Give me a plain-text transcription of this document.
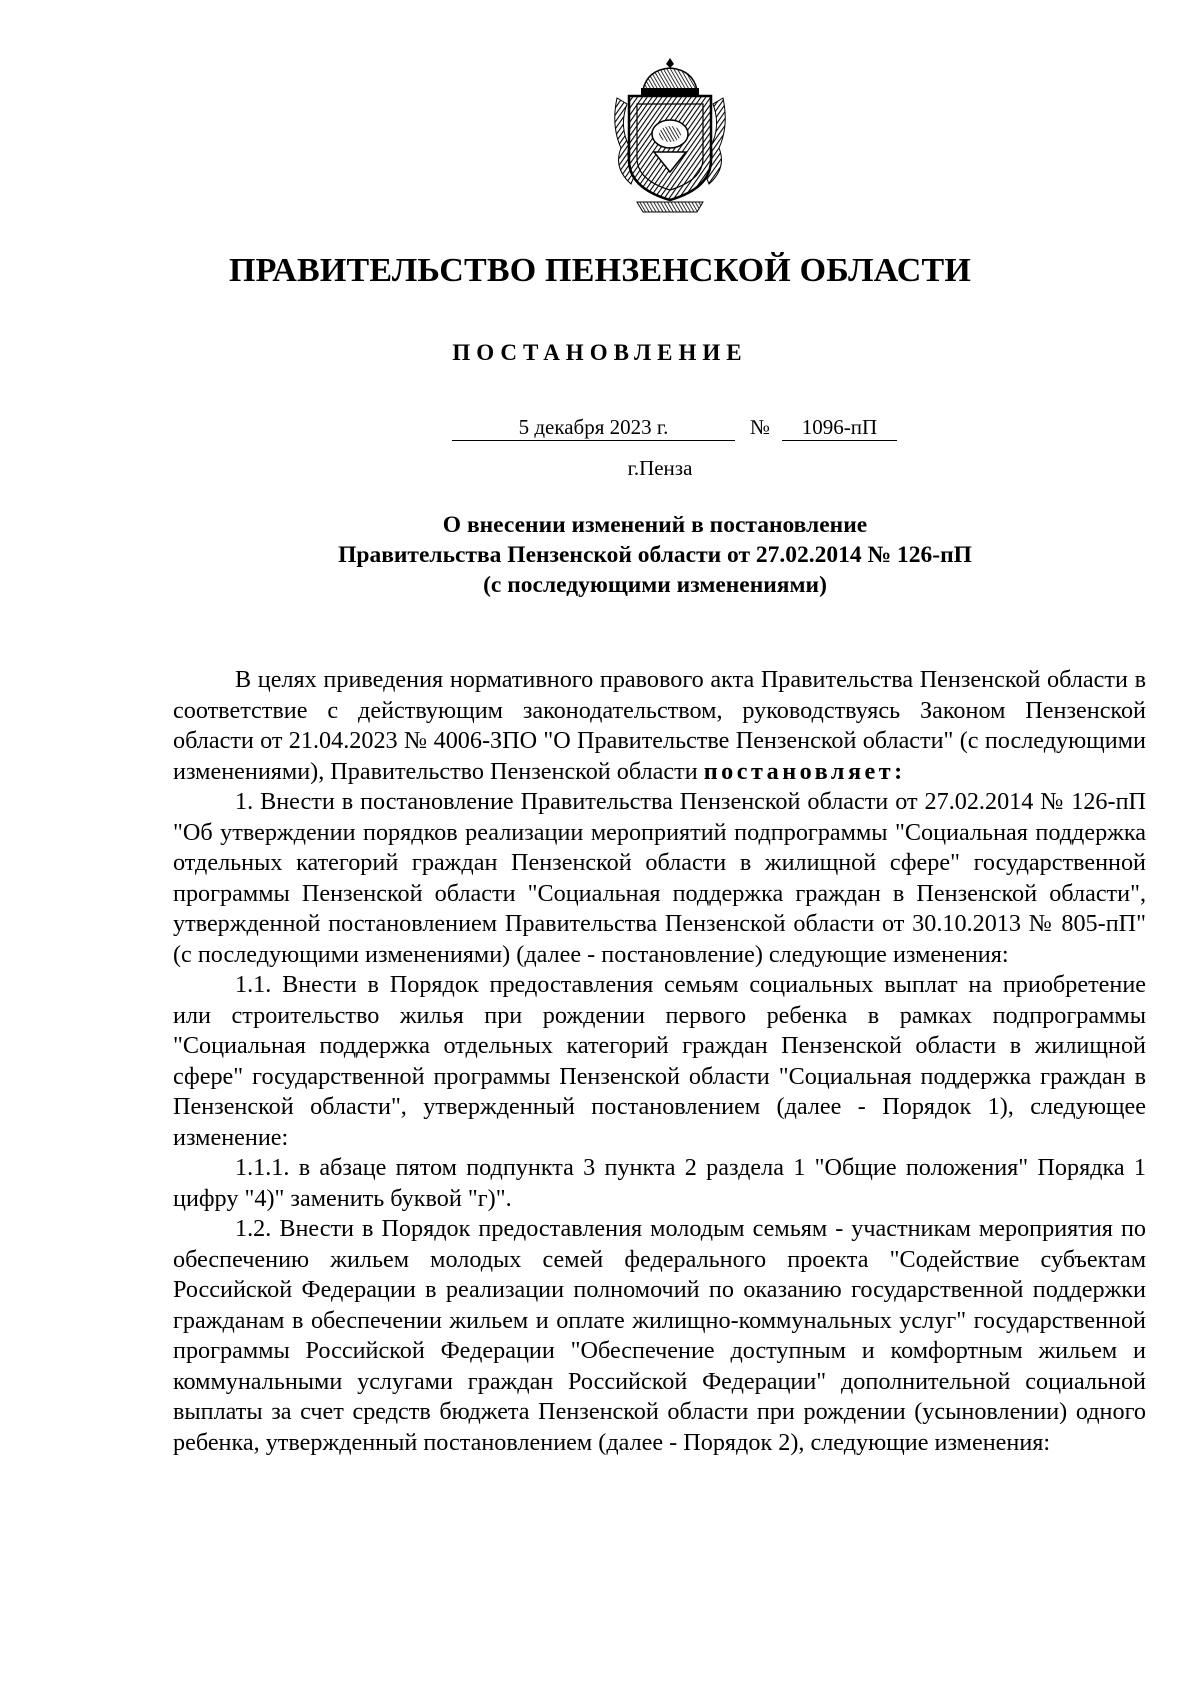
ПРАВИТЕЛЬСТВО ПЕНЗЕНСКОЙ ОБЛАСТИ
ПОСТАНОВЛЕНИЕ
5 декабря 2023 г.	№	1096-пП
г.Пенза
О внесении изменений в постановление
Правительства Пензенской области от 27.02.2014 № 126-пП
(с последующими изменениями)

В целях приведения нормативного правового акта Правительства Пензенской области в соответствие с действующим законодательством, руководствуясь Законом Пензенской области от 21.04.2023 № 4006-ЗПО "О Правительстве Пензенской области" (с последующими изменениями), Правительство Пензенской области постановляет:

1. Внести в постановление Правительства Пензенской области от 27.02.2014 № 126-пП "Об утверждении порядков реализации мероприятий подпрограммы "Социальная поддержка отдельных категорий граждан Пензенской области в жилищной сфере" государственной программы Пензенской области "Социальная поддержка граждан в Пензенской области", утвержденной постановлением Правительства Пензенской области от 30.10.2013 № 805-пП" (с последующими изменениями) (далее - постановление) следующие изменения:

1.1. Внести в Порядок предоставления семьям социальных выплат на приобретение или строительство жилья при рождении первого ребенка в рамках подпрограммы "Социальная поддержка отдельных категорий граждан Пензенской области в жилищной сфере" государственной программы Пензенской области "Социальная поддержка граждан в Пензенской области", утвержденный постановлением (далее - Порядок 1), следующее изменение:

1.1.1. в абзаце пятом подпункта 3 пункта 2 раздела 1 "Общие положения" Порядка 1 цифру "4)" заменить буквой "г)".

1.2. Внести в Порядок предоставления молодым семьям - участникам мероприятия по обеспечению жильем молодых семей федерального проекта "Содействие субъектам Российской Федерации в реализации полномочий по оказанию государственной поддержки гражданам в обеспечении жильем и оплате жилищно-коммунальных услуг" государственной программы Российской Федерации "Обеспечение доступным и комфортным жильем и коммунальными услугами граждан Российской Федерации" дополнительной социальной выплаты за счет средств бюджета Пензенской области при рождении (усыновлении) одного ребенка, утвержденный постановлением (далее - Порядок 2), следующие изменения:
